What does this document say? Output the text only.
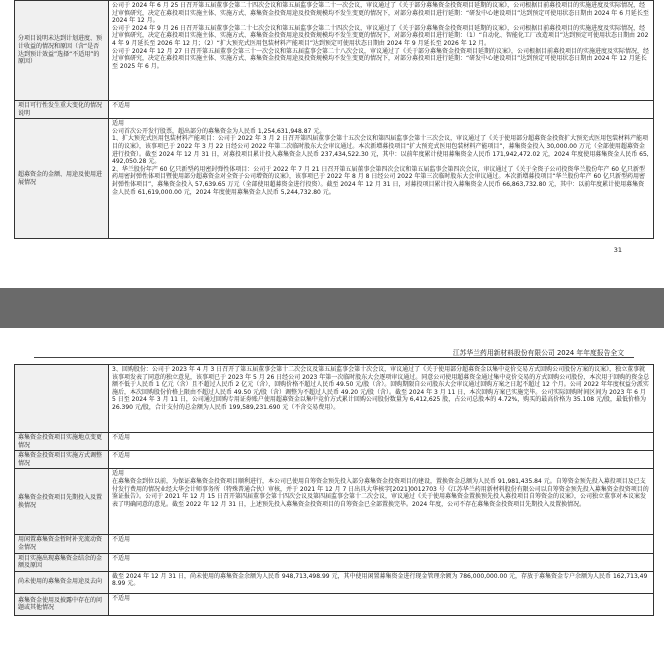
分项目说明未达到计划进度、预计收益的情况和原因（含“是否达到预计效益”选择“不适用”的原因）	公司于 2024 年 6 月 25 日召开第五届董事会第二十四次会议和第五届监事会第二十一次会议，审议通过了《关于部分募集资金投资项目延期的议案》，公司根据目前募投项目的实施进度及实际情况，经过审慎研究，决定在募投项目实施主体、实施方式、募集资金投资用途及投资规模均不发生变更的情况下，对部分募投项目进行延期：“研发中心建设项目”达到预定可使用状态日期由 2024 年 6 月延长至 2024 年 12 月。
公司于 2024 年 9 月 26 日召开第五届董事会第二十七次会议和第五届监事会第二十四次会议，审议通过了《关于部分募集资金投资项目延期的议案》，公司根据目前募投项目的实施进度及实际情况，经过审慎研究，决定在募投项目实施主体、实施方式、募集资金投资用途及投资规模均不发生变更的情况下，对部分募投项目进行延期：（1）“自动化、智能化工厂改造项目”达到预定可使用状态日期由 2024 年 9 月延长至 2026 年 12 月；（2）“扩大预充式医用包装材料产能项目”达到预定可使用状态日期由 2024 年 9 月延长至 2026 年 12 月。
公司于 2024 年 12 月 27 日召开第五届董事会第三十一次会议和第五届监事会第二十八次会议，审议通过了《关于部分募集资金投资项目延期的议案》，公司根据目前募投项目的实施进度及实际情况，经过审慎研究，决定在募投项目实施主体、实施方式、募集资金投资用途及投资规模均不发生变更的情况下，对部分募投项目进行延期：“研发中心建设项目”达到预定可使用状态日期由 2024 年 12 月延长至 2025 年 6 月。

项目可行性发生重大变化的情况说明	不适用

超募资金的金额、用途及使用进展情况	适用
公司首次公开发行股票，超出部分的募集资金为人民币 1,254,631,948.87 元。
1、扩大预充式医用包装材料产能项目：公司于 2022 年 3 月 2 日召开第四届董事会第十五次会议和第四届监事会第十三次会议，审议通过了《关于使用部分超募资金投资扩大预充式医用包装材料产能项目的议案》，该事项已于 2022 年 3 月 22 日经公司 2022 年第二次临时股东大会审议通过。本次新增募投项目“扩大预充式医用包装材料产能项目”，募集资金投入 30,000.00 万元（全部使用超募资金进行投资）。截至 2024 年 12 月 31 日，对募投项目累计投入募集资金人民币 237,434,522.30 元，其中：以前年度累计使用募集资金人民币 171,942,472.02 元，2024 年度使用募集资金人民币 65,492,050.28 元。
2、华兰股份年产 60 亿只新型药用密封弹性体项目：公司于 2022 年 7 月 21 日召开第五届董事会第四次会议和第五届监事会第四次会议，审议通过了《关于全资子公司投资华兰股份年产 60 亿只新型药用密封弹性体项目暨使用部分超募资金对全资子公司增资的议案》，该事项已于 2022 年 8 月 8 日经公司 2022 年第三次临时股东大会审议通过。本次新增募投项目“华兰股份年产 60 亿只新型药用密封弹性体项目”，募集资金投入 57,639.65 万元（全部使用超募资金进行投资）。截至 2024 年 12 月 31 日，对募投项目累计投入募集资金人民币 66,863,732.80 元，其中：以前年度累计使用募集资金人民币 61,619,000.00 元，2024 年度使用募集资金人民币 5,244,732.80 元。
31
江苏华兰药用新材料股份有限公司 2024 年年度报告全文

	3、回购股份：公司于 2023 年 4 月 3 日召开了第五届董事会第十二次会议及第五届监事会第十次会议，审议通过了《关于使用部分超募资金以集中竞价交易方式回购公司股份方案的议案》，独立董事就该事项发表了同意的独立意见，该事项已于 2023 年 5 月 26 日经公司 2023 年第一次临时股东大会逐项审议通过。同意公司使用超募资金通过集中竞价交易的方式回购公司股份，本次用于回购的资金总额不低于人民币 1 亿元（含）且不超过人民币 2 亿元（含），回购价格不超过人民币 49.50 元/股（含）。回购期限自公司股东大会审议通过回购方案之日起不超过 12 个月。公司 2022 年年度权益分派实施后，本次回购股份价格上限由不超过人民币 49.50 元/股（含）调整为不超过人民币 49.20 元/股（含）。截至 2024 年 3 月 11 日，本次回购方案已实施完毕。公司实际回购时间区间为 2023 年 6 月 5 日至 2024 年 3 月 11 日，公司通过回购专用证券账户使用超募资金以集中竞价方式累计回购公司股份数量为 6,412,625 股，占公司总股本的 4.72%，购买的最高价格为 35.108 元/股，最低价格为 26.390 元/股，合计支付的总金额为人民币 199,589,231.690 元（不含交易费用）。

募集资金投资项目实施地点变更情况	不适用

募集资金投资项目实施方式调整情况	不适用

募集资金投资项目先期投入及置换情况	适用
在募集资金到位以前，为保证募集资金投资项目顺利进行，本公司已使用自筹资金预先投入部分募集资金投资项目的建设，置换资金总额为人民币 91,981,435.84 元。自筹资金预先投入募投项目及已支付发行费用的情况业经大华会计师事务所（特殊普通合伙）审核，并于 2021 年 12 月 7 日出具大华核字[2021]0012703 号《江苏华兰药用新材料股份有限公司以自筹资金预先投入募集资金投资项目的鉴证报告》。公司于 2021 年 12 月 15 日召开第四届董事会第十四次会议及第四届监事会第十二次会议，审议通过《关于使用募集资金置换预先投入募投项目自筹资金的议案》，公司独立董事对本议案发表了明确同意的意见。截至 2022 年 12 月 31 日，上述预先投入募集资金投资项目的自筹资金已全部置换完毕。2024 年度，公司不存在募集资金投资项目先期投入及置换情况。

用闲置募集资金暂时补充流动资金情况	不适用

项目实施出现募集资金结余的金额及原因	不适用

尚未使用的募集资金用途及去向	截至 2024 年 12 月 31 日，尚未使用的募集资金余额为人民币 948,713,498.99 元，其中使用闲置募集资金进行现金管理余额为 786,000,000.00 元，存放于募集资金专户余额为人民币 162,713,498.99 元。

募集资金使用及披露中存在的问题或其他情况	不适用
